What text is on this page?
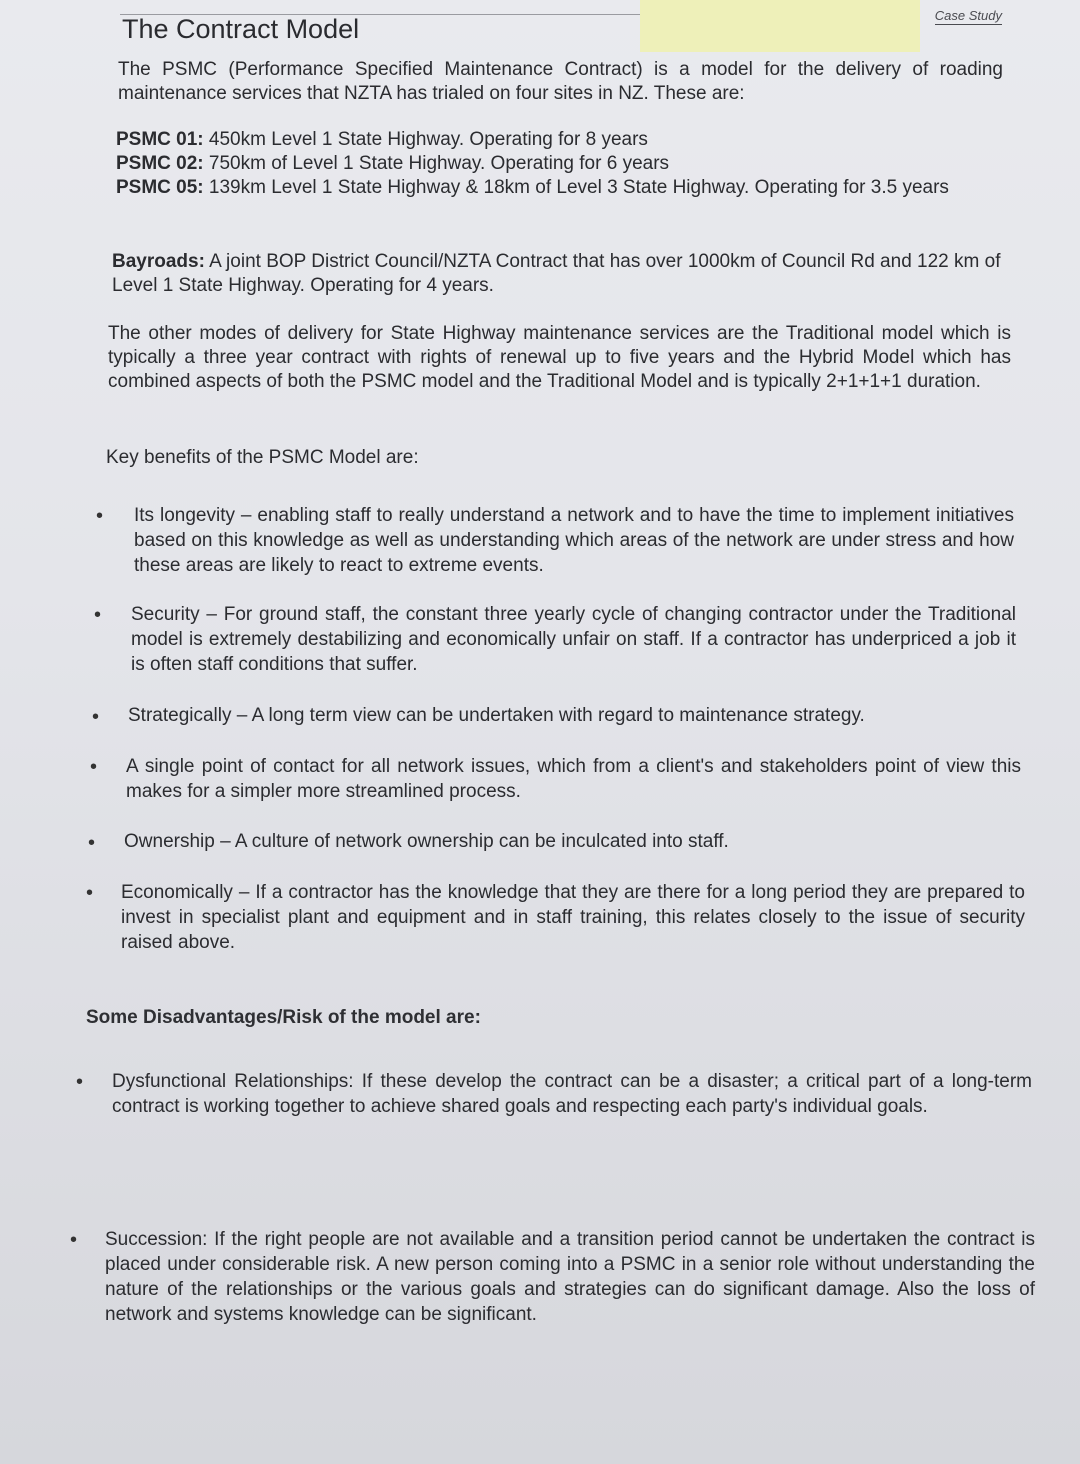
Case Study
The Contract Model
The PSMC (Performance Specified Maintenance Contract) is a model for the delivery of roading maintenance services that NZTA has trialed on four sites in NZ. These are:
PSMC 01: 450km Level 1 State Highway. Operating for 8 years
PSMC 02: 750km of Level 1 State Highway. Operating for 6 years
PSMC 05: 139km Level 1 State Highway & 18km of Level 3 State Highway. Operating for 3.5 years
Bayroads: A joint BOP District Council/NZTA Contract that has over 1000km of Council Rd and 122 km of Level 1 State Highway. Operating for 4 years.
The other modes of delivery for State Highway maintenance services are the Traditional model which is typically a three year contract with rights of renewal up to five years and the Hybrid Model which has combined aspects of both the PSMC model and the Traditional Model and is typically 2+1+1+1 duration.
Key benefits of the PSMC Model are:
• Its longevity – enabling staff to really understand a network and to have the time to implement initiatives based on this knowledge as well as understanding which areas of the network are under stress and how these areas are likely to react to extreme events.
• Security – For ground staff, the constant three yearly cycle of changing contractor under the Traditional model is extremely destabilizing and economically unfair on staff. If a contractor has underpriced a job it is often staff conditions that suffer.
• Strategically – A long term view can be undertaken with regard to maintenance strategy.
• A single point of contact for all network issues, which from a client's and stakeholders point of view this makes for a simpler more streamlined process.
• Ownership – A culture of network ownership can be inculcated into staff.
• Economically – If a contractor has the knowledge that they are there for a long period they are prepared to invest in specialist plant and equipment and in staff training, this relates closely to the issue of security raised above.
Some Disadvantages/Risk of the model are:
• Dysfunctional Relationships: If these develop the contract can be a disaster; a critical part of a long-term contract is working together to achieve shared goals and respecting each party's individual goals.
• Succession: If the right people are not available and a transition period cannot be undertaken the contract is placed under considerable risk. A new person coming into a PSMC in a senior role without understanding the nature of the relationships or the various goals and strategies can do significant damage. Also the loss of network and systems knowledge can be significant.
